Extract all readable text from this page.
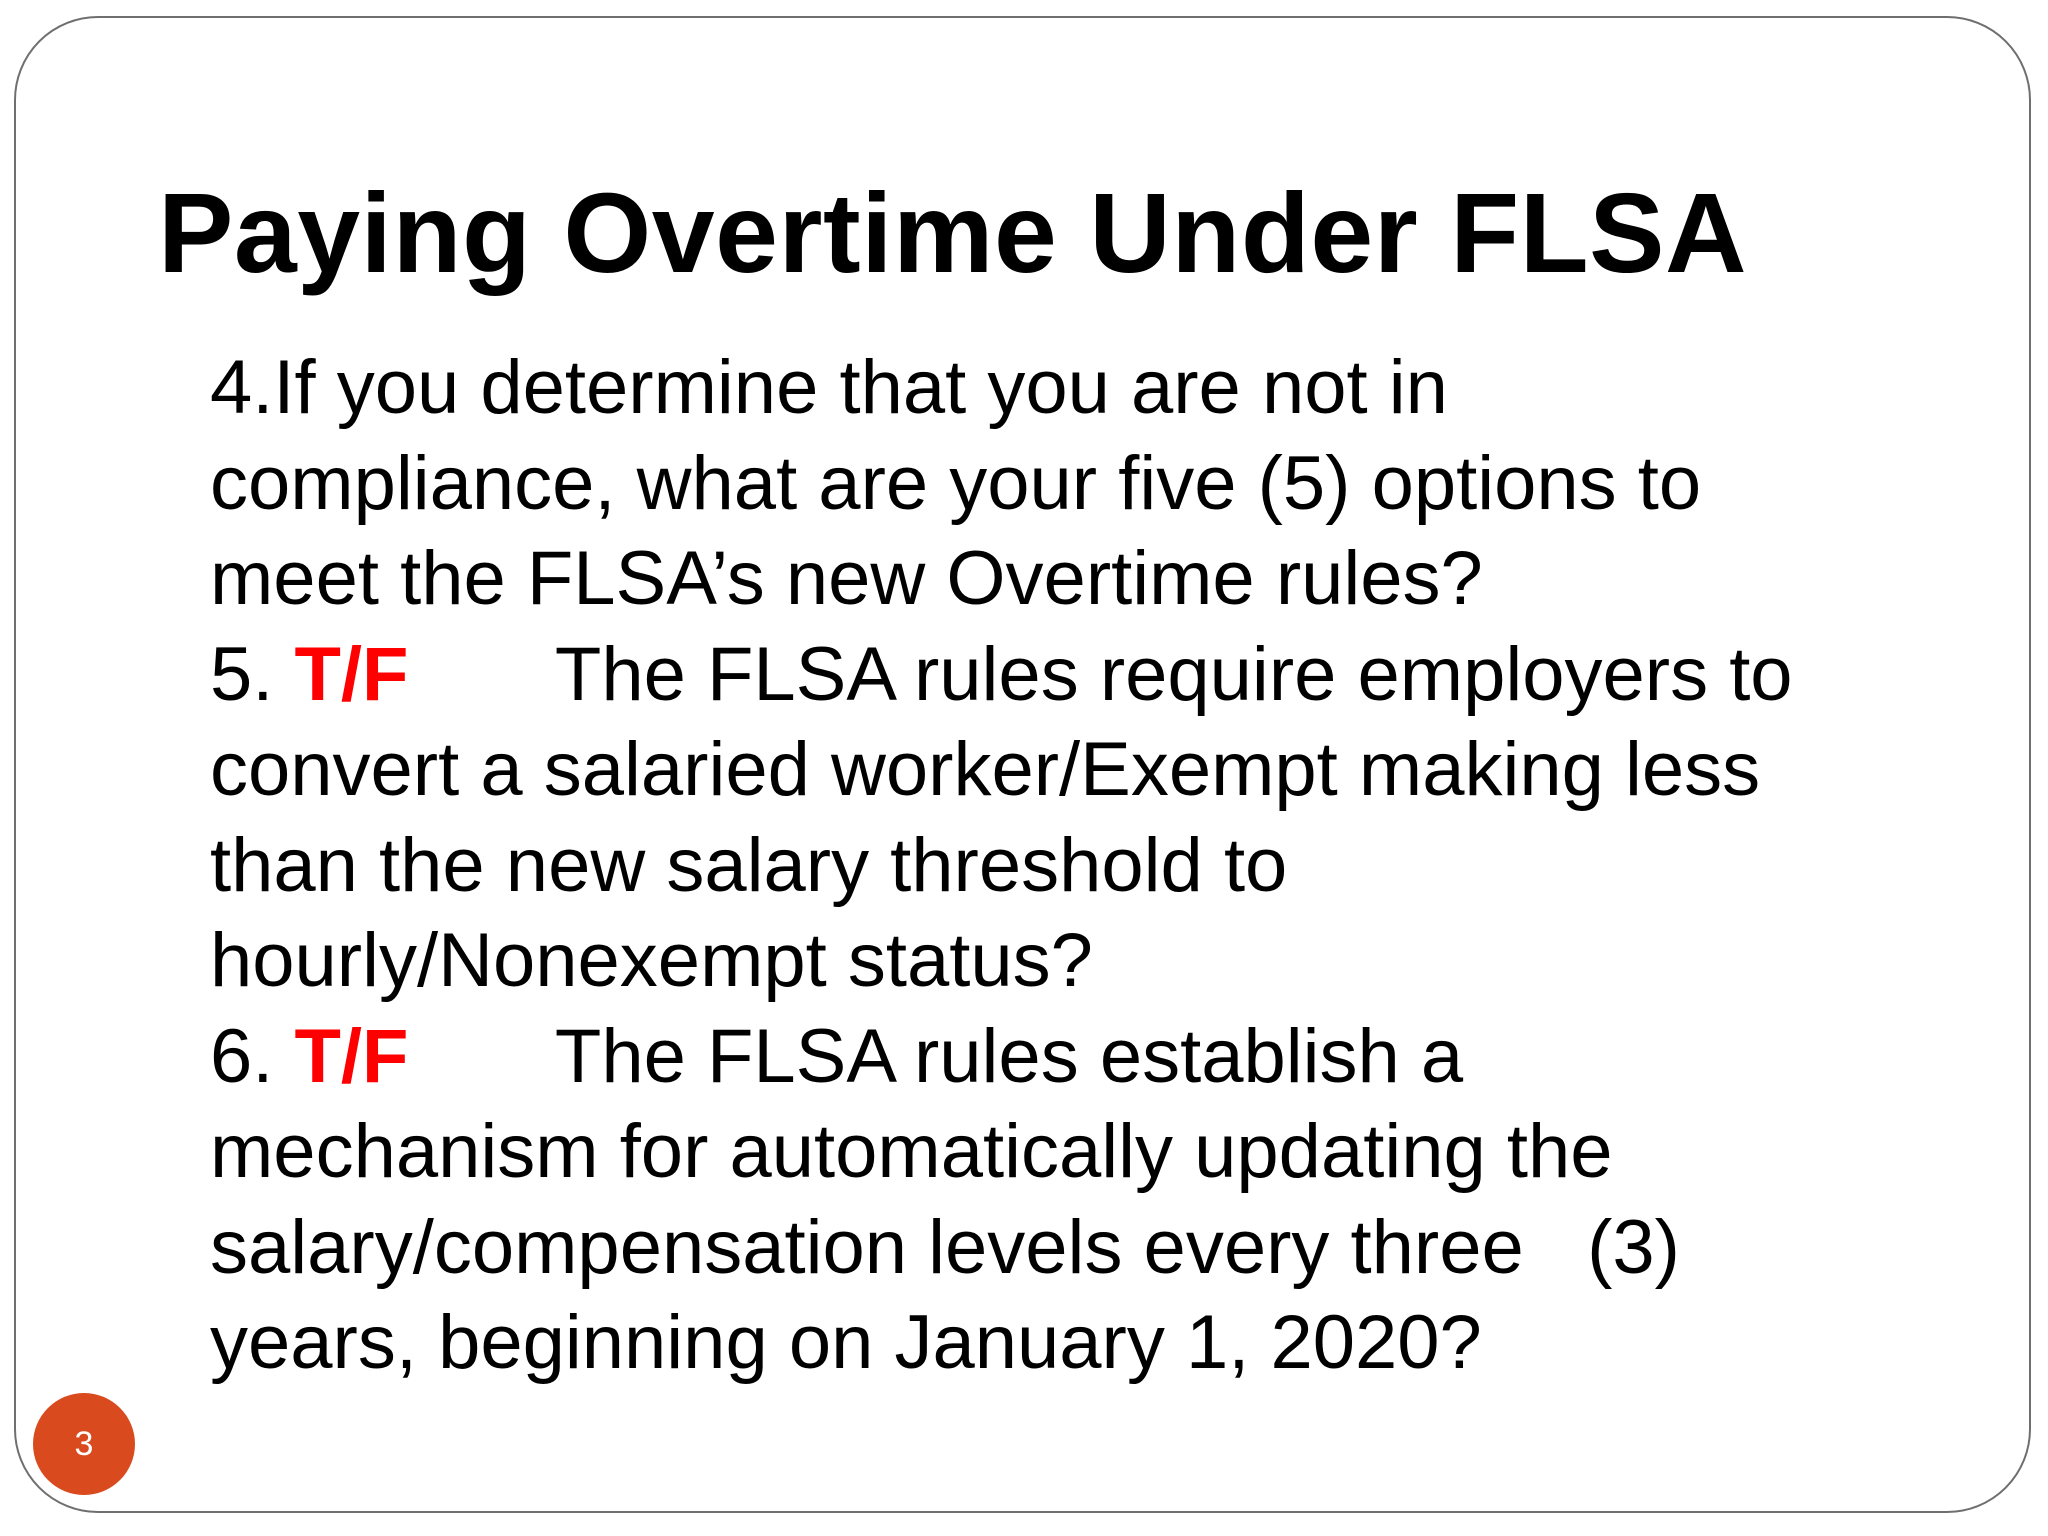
Paying Overtime Under FLSA
4.If you determine that you are not in
compliance, what are your five (5) options to
meet the FLSA’s new Overtime rules?
5. T/F       The FLSA rules require employers to
convert a salaried worker/Exempt making less
than the new salary threshold to
hourly/Nonexempt status?
6. T/F       The FLSA rules establish a
mechanism for automatically updating the
salary/compensation levels every three   (3)
years, beginning on January 1, 2020?
3
